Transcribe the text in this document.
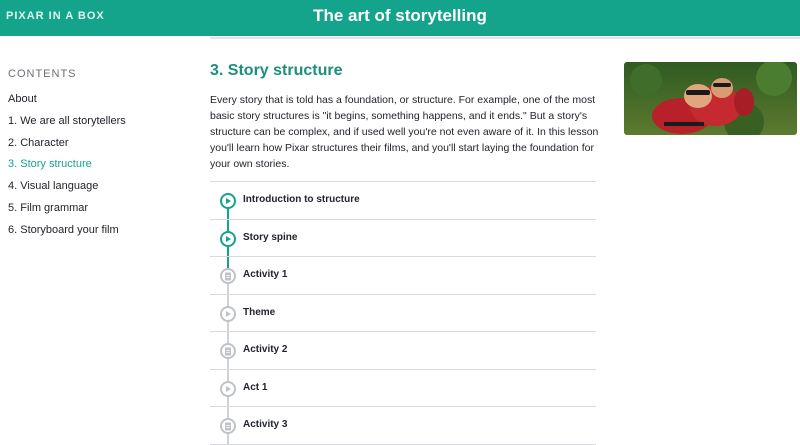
PIXAR IN A BOX	The art of storytelling
CONTENTS
About
1. We are all storytellers
2. Character
3. Story structure
4. Visual language
5. Film grammar
6. Storyboard your film
3. Story structure

Every story that is told has a foundation, or structure. For example, one of the most basic story structures is "it begins, something happens, and it ends." But a story's structure can be complex, and if used well you're not even aware of it. In this lesson you'll learn how Pixar structures their films, and you'll start laying the foundation for your own stories.

Introduction to structure
Story spine
Activity 1
Theme
Activity 2
Act 1
Activity 3
